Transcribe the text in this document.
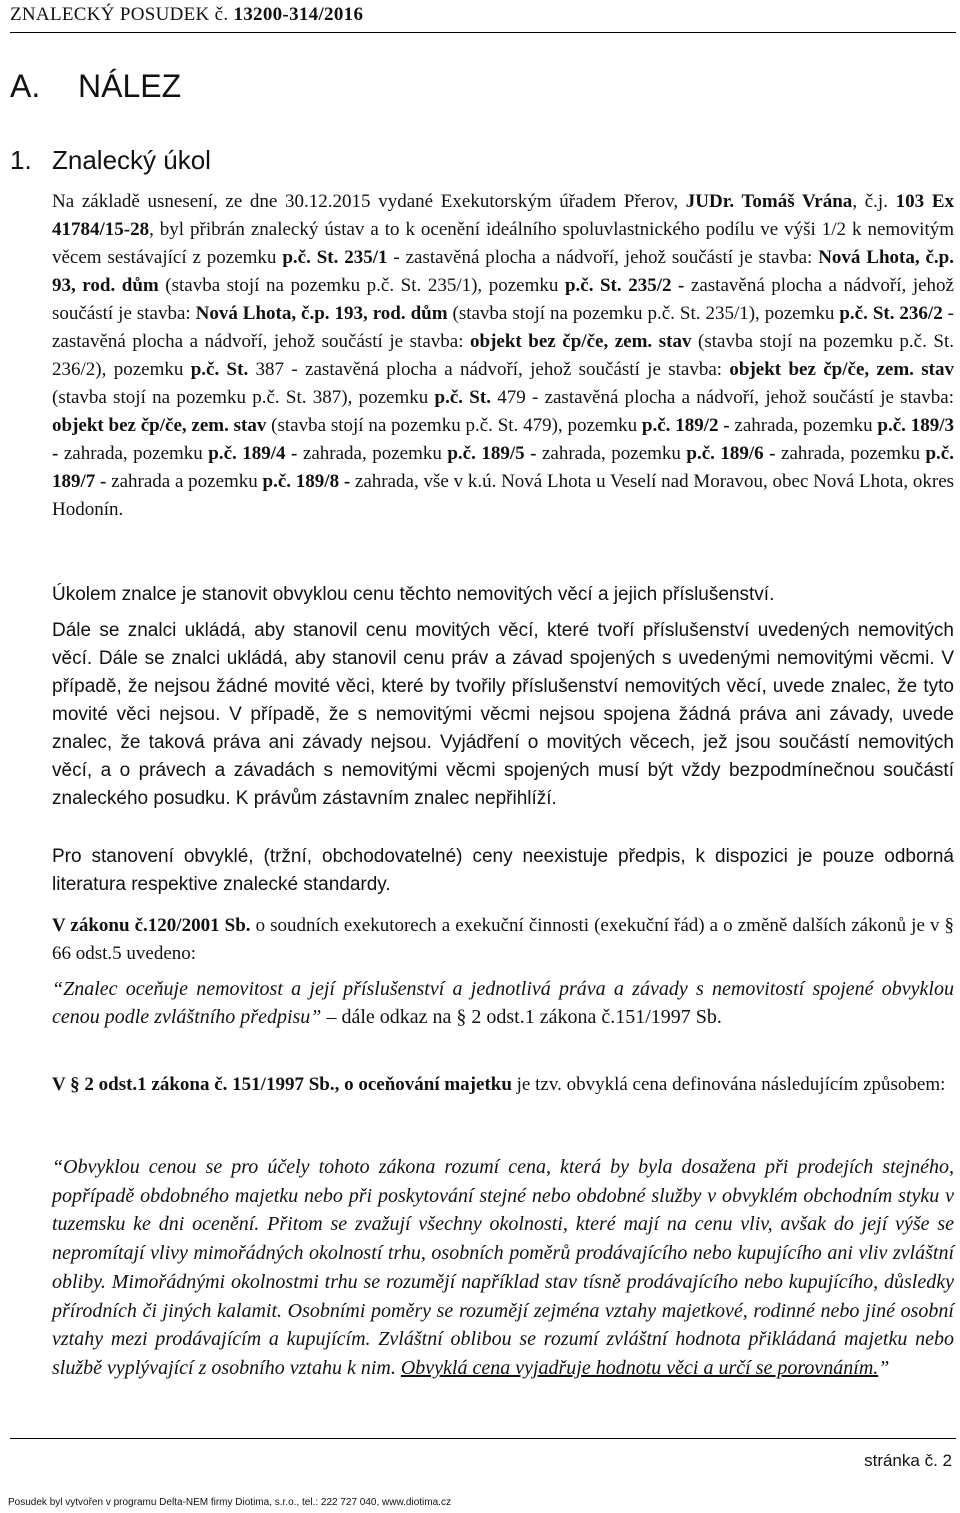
ZNALECKÝ POSUDEK č. 13200-314/2016
A. NÁLEZ
1. Znalecký úkol

Na základě usnesení, ze dne 30.12.2015 vydané Exekutorským úřadem Přerov, JUDr. Tomáš Vrána, č.j. 103 Ex 41784/15-28, byl přibrán znalecký ústav a to k ocenění ideálního spoluvlastnického podílu ve výši 1/2 k nemovitým věcem sestávající z pozemku p.č. St. 235/1 - zastavěná plocha a nádvoří, jehož součástí je stavba: Nová Lhota, č.p. 93, rod. dům (stavba stojí na pozemku p.č. St. 235/1), pozemku p.č. St. 235/2 - zastavěná plocha a nádvoří, jehož součástí je stavba: Nová Lhota, č.p. 193, rod. dům (stavba stojí na pozemku p.č. St. 235/1), pozemku p.č. St. 236/2 - zastavěná plocha a nádvoří, jehož součástí je stavba: objekt bez čp/če, zem. stav (stavba stojí na pozemku p.č. St. 236/2), pozemku p.č. St. 387 - zastavěná plocha a nádvoří, jehož součástí je stavba: objekt bez čp/če, zem. stav (stavba stojí na pozemku p.č. St. 387), pozemku p.č. St. 479 - zastavěná plocha a nádvoří, jehož součástí je stavba: objekt bez čp/če, zem. stav (stavba stojí na pozemku p.č. St. 479), pozemku p.č. 189/2 - zahrada, pozemku p.č. 189/3 - zahrada, pozemku p.č. 189/4 - zahrada, pozemku p.č. 189/5 - zahrada, pozemku p.č. 189/6 - zahrada, pozemku p.č. 189/7 - zahrada a pozemku p.č. 189/8 - zahrada, vše v k.ú. Nová Lhota u Veselí nad Moravou, obec Nová Lhota, okres Hodonín.

Úkolem znalce je stanovit obvyklou cenu těchto nemovitých věcí a jejich příslušenství.

Dále se znalci ukládá, aby stanovil cenu movitých věcí, které tvoří příslušenství uvedených nemovitých věcí. Dále se znalci ukládá, aby stanovil cenu práv a závad spojených s uvedenými nemovitými věcmi. V případě, že nejsou žádné movité věci, které by tvořily příslušenství nemovitých věcí, uvede znalec, že tyto movité věci nejsou. V případě, že s nemovitými věcmi nejsou spojena žádná práva ani závady, uvede znalec, že taková práva ani závady nejsou. Vyjádření o movitých věcech, jež jsou součástí nemovitých věcí, a o právech a závadách s nemovitými věcmi spojených musí být vždy bezpodmínečnou součástí znaleckého posudku. K právům zástavním znalec nepřihlíží.

Pro stanovení obvyklé, (tržní, obchodovatelné) ceny neexistuje předpis, k dispozici je pouze odborná literatura respektive znalecké standardy.

V zákonu č.120/2001 Sb. o soudních exekutorech a exekuční činnosti (exekuční řád) a o změně dalších zákonů je v § 66 odst.5 uvedeno:

“Znalec oceňuje nemovitost a její příslušenství a jednotlivá práva a závady s nemovitostí spojené obvyklou cenou podle zvláštního předpisu” – dále odkaz na § 2 odst.1 zákona č.151/1997 Sb.

V § 2 odst.1 zákona č. 151/1997 Sb., o oceňování majetku je tzv. obvyklá cena definována následujícím způsobem:

“Obvyklou cenou se pro účely tohoto zákona rozumí cena, která by byla dosažena při prodejích stejného, popřípadě obdobného majetku nebo při poskytování stejné nebo obdobné služby v obvyklém obchodním styku v tuzemsku ke dni ocenění. Přitom se zvažují všechny okolnosti, které mají na cenu vliv, avšak do její výše se nepromítají vlivy mimořádných okolností trhu, osobních poměrů prodávajícího nebo kupujícího ani vliv zvláštní obliby. Mimořádnými okolnostmi trhu se rozumějí například stav tísně prodávajícího nebo kupujícího, důsledky přírodních či jiných kalamit. Osobními poměry se rozumějí zejména vztahy majetkové, rodinné nebo jiné osobní vztahy mezi prodávajícím a kupujícím. Zvláštní oblibou se rozumí zvláštní hodnota přikládaná majetku nebo službě vyplývající z osobního vztahu k nim. Obvyklá cena vyjadřuje hodnotu věci a určí se porovnáním.”

stránka č. 2
Posudek byl vytvořen v programu Delta-NEM firmy Diotima, s.r.o., tel.: 222 727 040, www.diotima.cz
